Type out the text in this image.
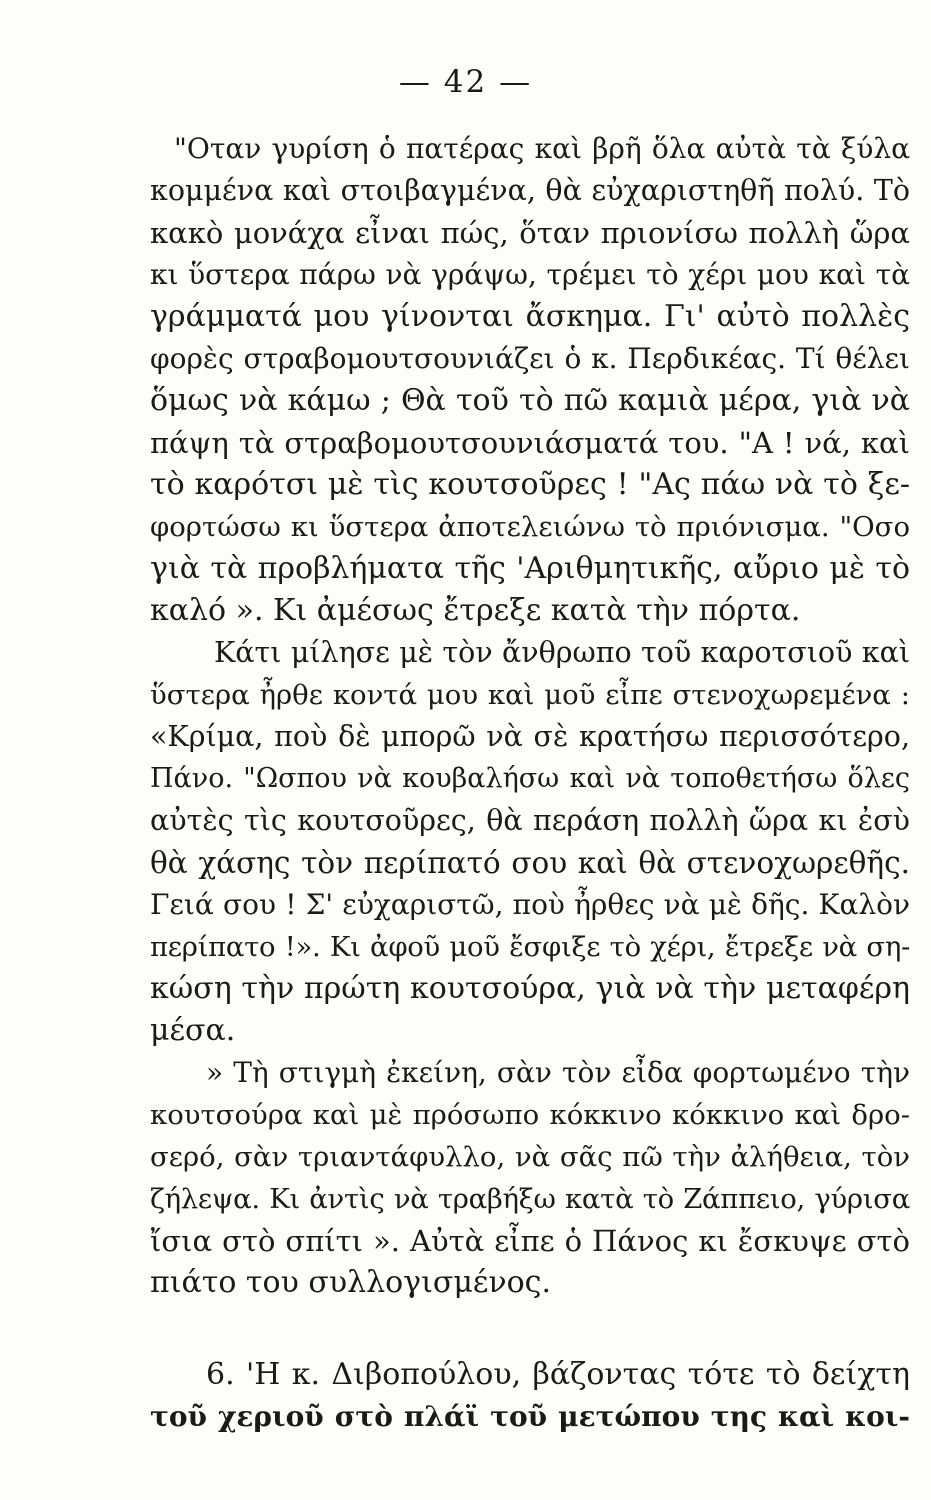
— 42 —
"Οταν γυρίση ὁ πατέρας καὶ βρῆ ὅλα αὐτὰ τὰ ξύλα
κομμένα καὶ στοιβαγμένα, θὰ εὐχαριστηθῆ πολύ. Τὸ
κακὸ μονάχα εἶναι πώς, ὅταν πριονίσω πολλὴ ὥρα
κι ὕστερα πάρω νὰ γράψω, τρέμει τὸ χέρι μου καὶ τὰ
γράμματά μου γίνονται ἄσκημα. Γι' αὐτὸ πολλὲς
φορὲς στραβομουτσουνιάζει ὁ κ. Περδικέας. Τί θέλει
ὅμως νὰ κάμω ; Θὰ τοῦ τὸ πῶ καμιὰ μέρα, γιὰ νὰ
πάψη τὰ στραβομουτσουνιάσματά του. "Α ! νά, καὶ
τὸ καρότσι μὲ τὶς κουτσοῦρες ! "Ας πάω νὰ τὸ ξε-
φορτώσω κι ὕστερα ἀποτελειώνω τὸ πριόνισμα. "Οσο
γιὰ τὰ προβλήματα τῆς 'Αριθμητικῆς, αὔριο μὲ τὸ
καλό ». Κι ἀμέσως ἔτρεξε κατὰ τὴν πόρτα.
Κάτι μίλησε μὲ τὸν ἄνθρωπο τοῦ καροτσιοῦ καὶ
ὕστερα ἦρθε κοντά μου καὶ μοῦ εἶπε στενοχωρεμένα :
«Κρίμα, ποὺ δὲ μπορῶ νὰ σὲ κρατήσω περισσότερο,
Πάνο. "Ωσπου νὰ κουβαλήσω καὶ νὰ τοποθετήσω ὅλες
αὐτὲς τὶς κουτσοῦρες, θὰ περάση πολλὴ ὥρα κι ἐσὺ
θὰ χάσης τὸν περίπατό σου καὶ θὰ στενοχωρεθῆς.
Γειά σου ! Σ' εὐχαριστῶ, ποὺ ἦρθες νὰ μὲ δῆς. Καλὸν
περίπατο !». Κι ἀφοῦ μοῦ ἔσφιξε τὸ χέρι, ἔτρεξε νὰ ση-
κώση τὴν πρώτη κουτσούρα, γιὰ νὰ τὴν μεταφέρη
μέσα.
» Τὴ στιγμὴ ἐκείνη, σὰν τὸν εἶδα φορτωμένο τὴν
κουτσούρα καὶ μὲ πρόσωπο κόκκινο κόκκινο καὶ δρο-
σερό, σὰν τριαντάφυλλο, νὰ σᾶς πῶ τὴν ἀλήθεια, τὸν
ζήλεψα. Κι ἀντὶς νὰ τραβήξω κατὰ τὸ Ζάππειο, γύρισα
ἴσια στὸ σπίτι ». Αὐτὰ εἶπε ὁ Πάνος κι ἔσκυψε στὸ
πιάτο του συλλογισμένος.
6. 'Η κ. Διβοπούλου, βάζοντας τότε τὸ δείχτη
τοῦ χεριοῦ στὸ πλάϊ τοῦ μετώπου της καὶ κοι-
